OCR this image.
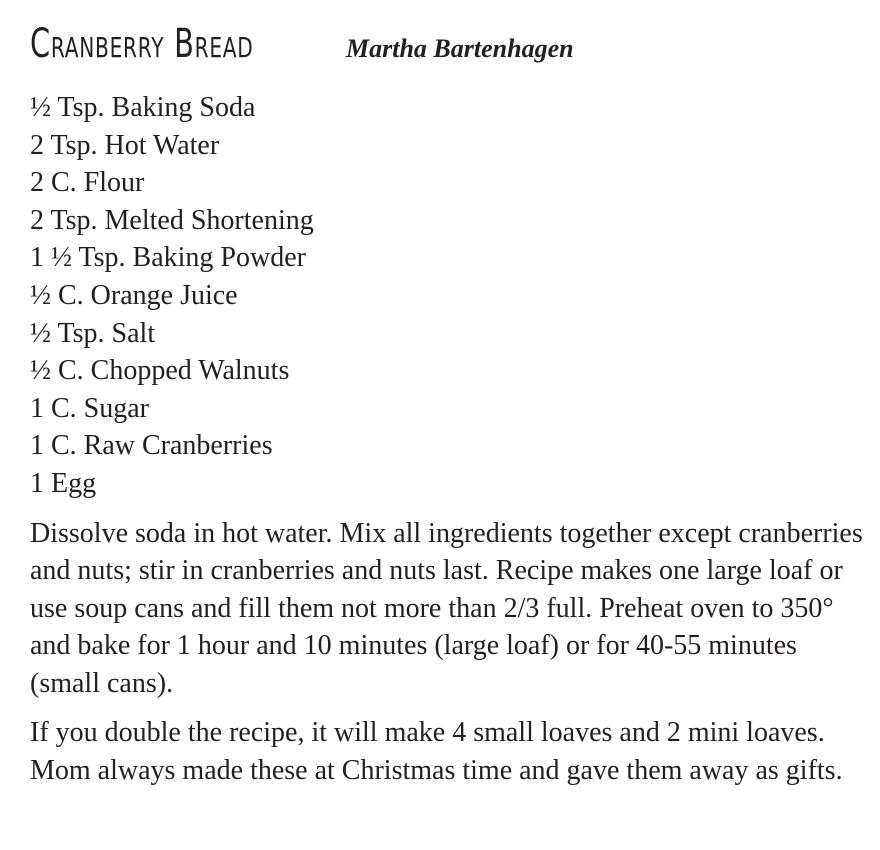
Cranberry Bread	Martha Bartenhagen
½ Tsp. Baking Soda
2 Tsp. Hot Water
2 C. Flour
2 Tsp. Melted Shortening
1 ½ Tsp. Baking Powder
½ C. Orange Juice
½ Tsp. Salt
½ C. Chopped Walnuts
1 C. Sugar
1 C. Raw Cranberries
1 Egg

Dissolve soda in hot water. Mix all ingredients together except cranberries and nuts; stir in cranberries and nuts last. Recipe makes one large loaf or use soup cans and fill them not more than 2/3 full. Preheat oven to 350° and bake for 1 hour and 10 minutes (large loaf) or for 40-55 minutes (small cans).

If you double the recipe, it will make 4 small loaves and 2 mini loaves. Mom always made these at Christmas time and gave them away as gifts.
